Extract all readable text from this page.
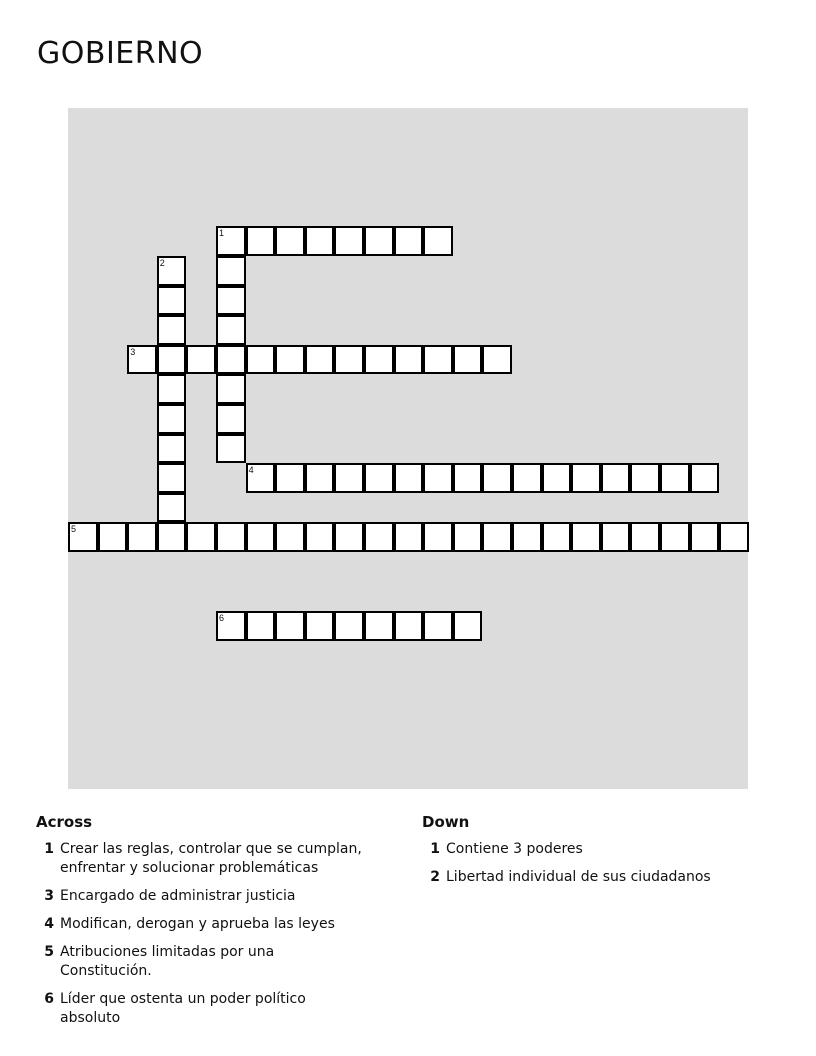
GOBIERNO
1
2
3
4
5
6
Across
1 Crear las reglas, controlar que se cumplan, enfrentar y solucionar problemáticas
3 Encargado de administrar justicia
4 Modifican, derogan y aprueba las leyes
5 Atribuciones limitadas por una Constitución.
6 Líder que ostenta un poder político absoluto
Down
1 Contiene 3 poderes
2 Libertad individual de sus ciudadanos
